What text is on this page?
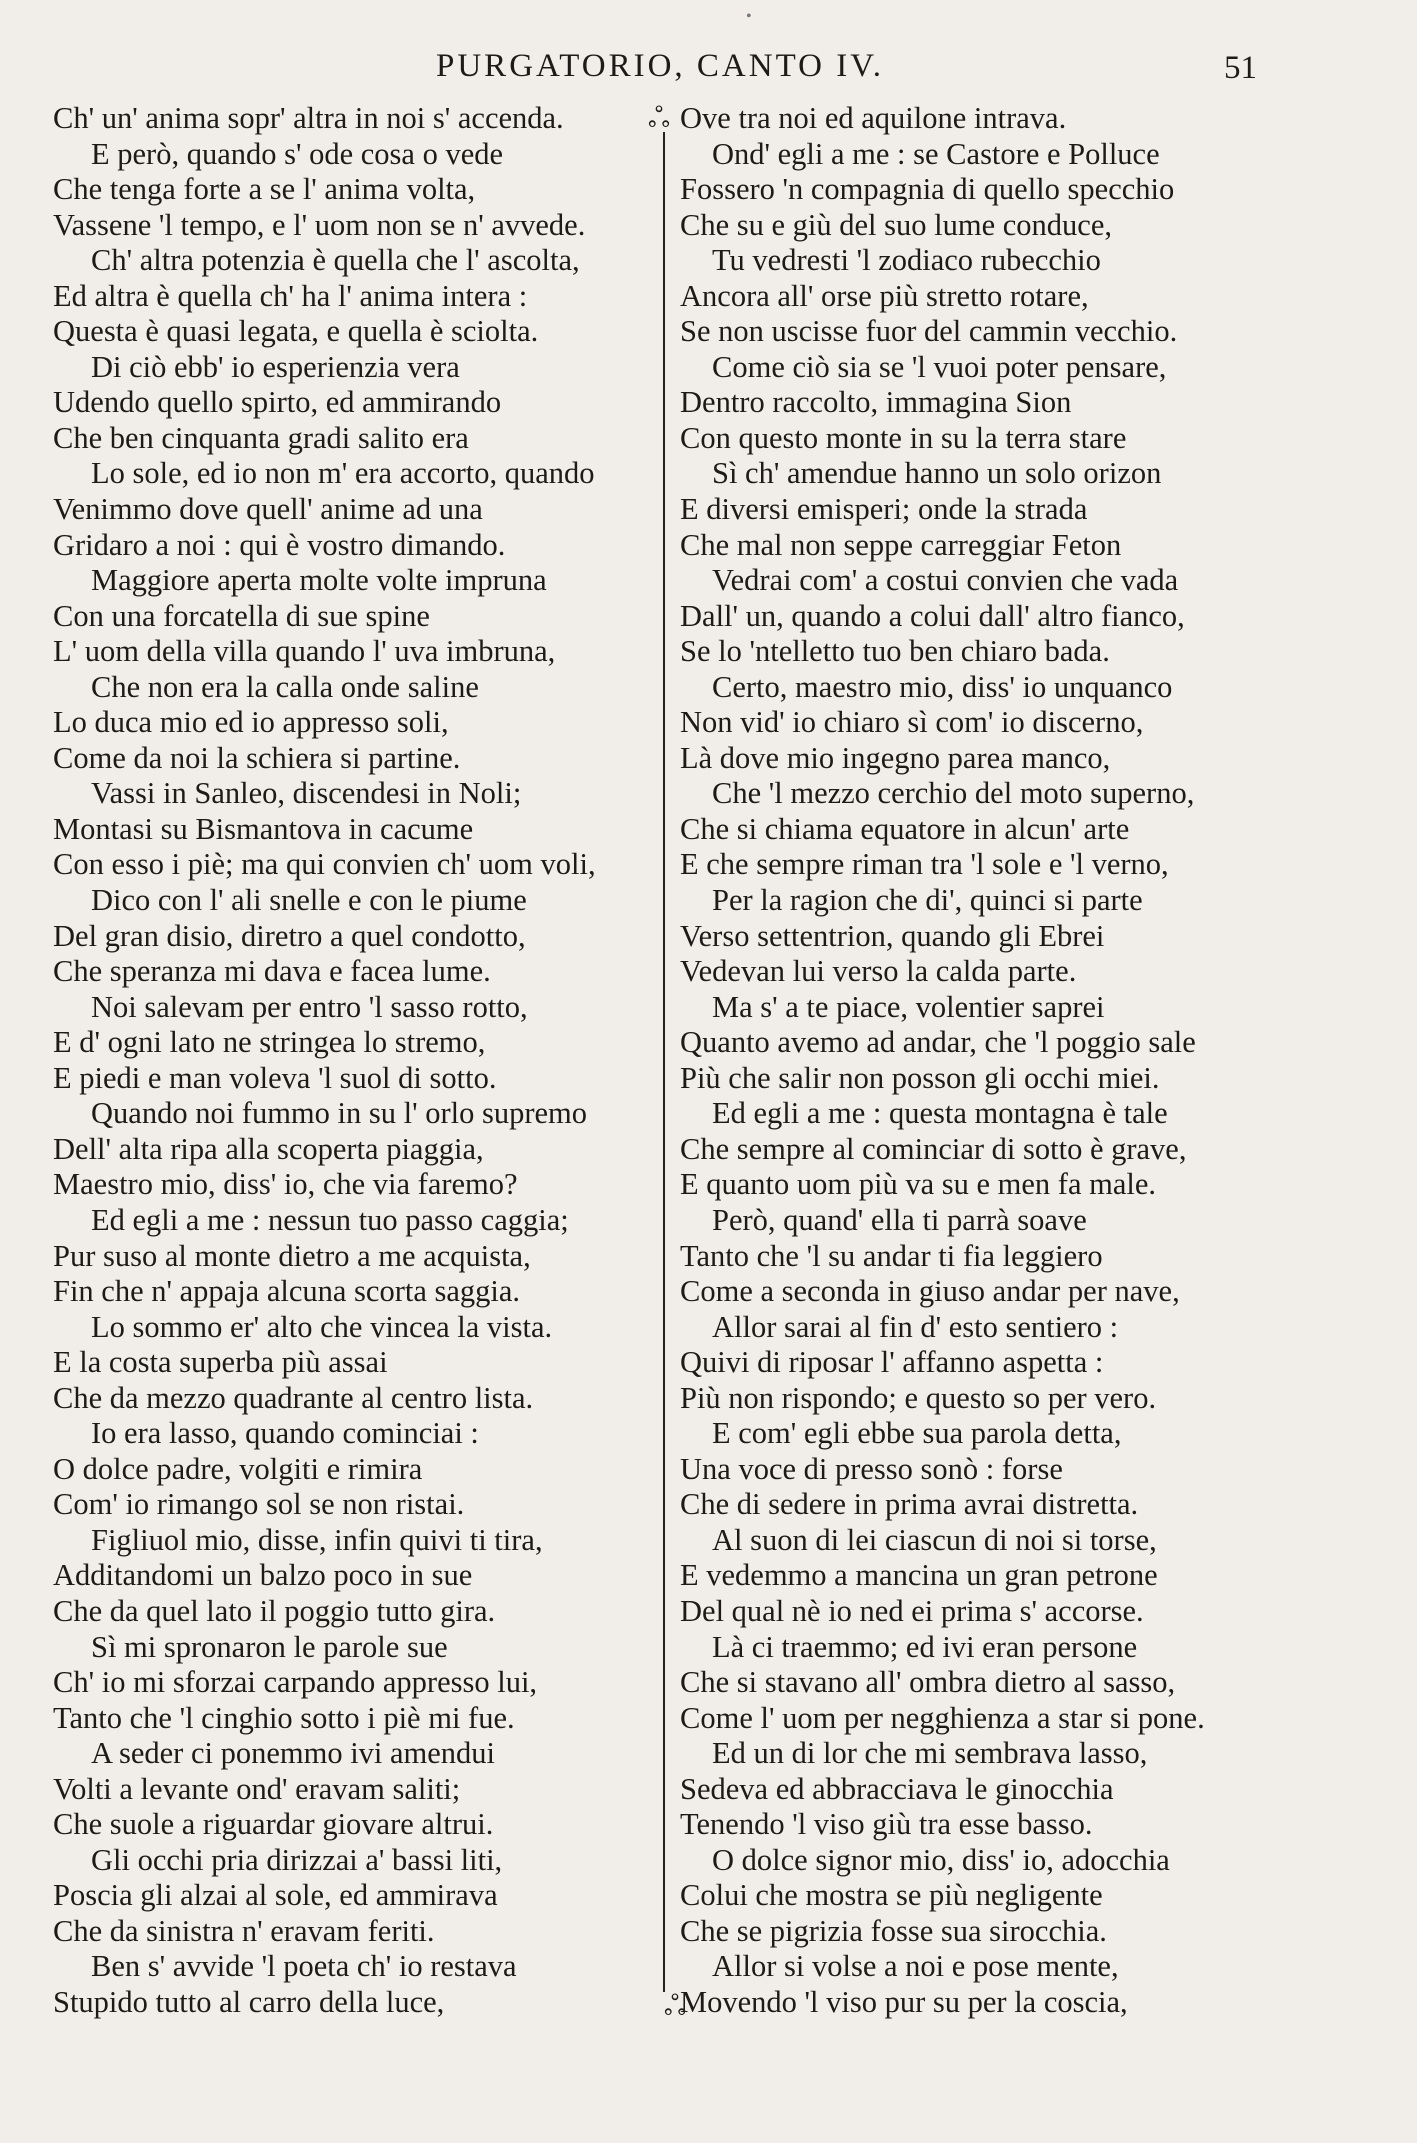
•
PURGATORIO, CANTO IV.	51
Ch' un' anima sopr' altra in noi s' accenda.
E però, quando s' ode cosa o vede
Che tenga forte a se l' anima volta,
Vassene 'l tempo, e l' uom non se n' avvede.
Ch' altra potenzia è quella che l' ascolta,
Ed altra è quella ch' ha l' anima intera :
Questa è quasi legata, e quella è sciolta.
Di ciò ebb' io esperienzia vera
Udendo quello spirto, ed ammirando
Che ben cinquanta gradi salito era
Lo sole, ed io non m' era accorto, quando
Venimmo dove quell' anime ad una
Gridaro a noi : qui è vostro dimando.
Maggiore aperta molte volte impruna
Con una forcatella di sue spine
L' uom della villa quando l' uva imbruna,
Che non era la calla onde saline
Lo duca mio ed io appresso soli,
Come da noi la schiera si partine.
Vassi in Sanleo, discendesi in Noli;
Montasi su Bismantova in cacume
Con esso i piè; ma qui convien ch' uom voli,
Dico con l' ali snelle e con le piume
Del gran disio, diretro a quel condotto,
Che speranza mi dava e facea lume.
Noi salevam per entro 'l sasso rotto,
E d' ogni lato ne stringea lo stremo,
E piedi e man voleva 'l suol di sotto.
Quando noi fummo in su l' orlo supremo
Dell' alta ripa alla scoperta piaggia,
Maestro mio, diss' io, che via faremo?
Ed egli a me : nessun tuo passo caggia;
Pur suso al monte dietro a me acquista,
Fin che n' appaja alcuna scorta saggia.
Lo sommo er' alto che vincea la vista.
E la costa superba più assai
Che da mezzo quadrante al centro lista.
Io era lasso, quando cominciai :
O dolce padre, volgiti e rimira
Com' io rimango sol se non ristai.
Figliuol mio, disse, infin quivi ti tira,
Additandomi un balzo poco in sue
Che da quel lato il poggio tutto gira.
Sì mi spronaron le parole sue
Ch' io mi sforzai carpando appresso lui,
Tanto che 'l cinghio sotto i piè mi fue.
A seder ci ponemmo ivi amendui
Volti a levante ond' eravam saliti;
Che suole a riguardar giovare altrui.
Gli occhi pria dirizzai a' bassi liti,
Poscia gli alzai al sole, ed ammirava
Che da sinistra n' eravam feriti.
Ben s' avvide 'l poeta ch' io restava
Stupido tutto al carro della luce,
ஃ
ஃ
Ove tra noi ed aquilone intrava.
Ond' egli a me : se Castore e Polluce
Fossero 'n compagnia di quello specchio
Che su e giù del suo lume conduce,
Tu vedresti 'l zodiaco rubecchio
Ancora all' orse più stretto rotare,
Se non uscisse fuor del cammin vecchio.
Come ciò sia se 'l vuoi poter pensare,
Dentro raccolto, immagina Sion
Con questo monte in su la terra stare
Sì ch' amendue hanno un solo orizon
E diversi emisperi; onde la strada
Che mal non seppe carreggiar Feton
Vedrai com' a costui convien che vada
Dall' un, quando a colui dall' altro fianco,
Se lo 'ntelletto tuo ben chiaro bada.
Certo, maestro mio, diss' io unquanco
Non vid' io chiaro sì com' io discerno,
Là dove mio ingegno parea manco,
Che 'l mezzo cerchio del moto superno,
Che si chiama equatore in alcun' arte
E che sempre riman tra 'l sole e 'l verno,
Per la ragion che di', quinci si parte
Verso settentrion, quando gli Ebrei
Vedevan lui verso la calda parte.
Ma s' a te piace, volentier saprei
Quanto avemo ad andar, che 'l poggio sale
Più che salir non posson gli occhi miei.
Ed egli a me : questa montagna è tale
Che sempre al cominciar di sotto è grave,
E quanto uom più va su e men fa male.
Però, quand' ella ti parrà soave
Tanto che 'l su andar ti fia leggiero
Come a seconda in giuso andar per nave,
Allor sarai al fin d' esto sentiero :
Quivi di riposar l' affanno aspetta :
Più non rispondo; e questo so per vero.
E com' egli ebbe sua parola detta,
Una voce di presso sonò : forse
Che di sedere in prima avrai distretta.
Al suon di lei ciascun di noi si torse,
E vedemmo a mancina un gran petrone
Del qual nè io ned ei prima s' accorse.
Là ci traemmo; ed ivi eran persone
Che si stavano all' ombra dietro al sasso,
Come l' uom per negghienza a star si pone.
Ed un di lor che mi sembrava lasso,
Sedeva ed abbracciava le ginocchia
Tenendo 'l viso giù tra esse basso.
O dolce signor mio, diss' io, adocchia
Colui che mostra se più negligente
Che se pigrizia fosse sua sirocchia.
Allor si volse a noi e pose mente,
Movendo 'l viso pur su per la coscia,
